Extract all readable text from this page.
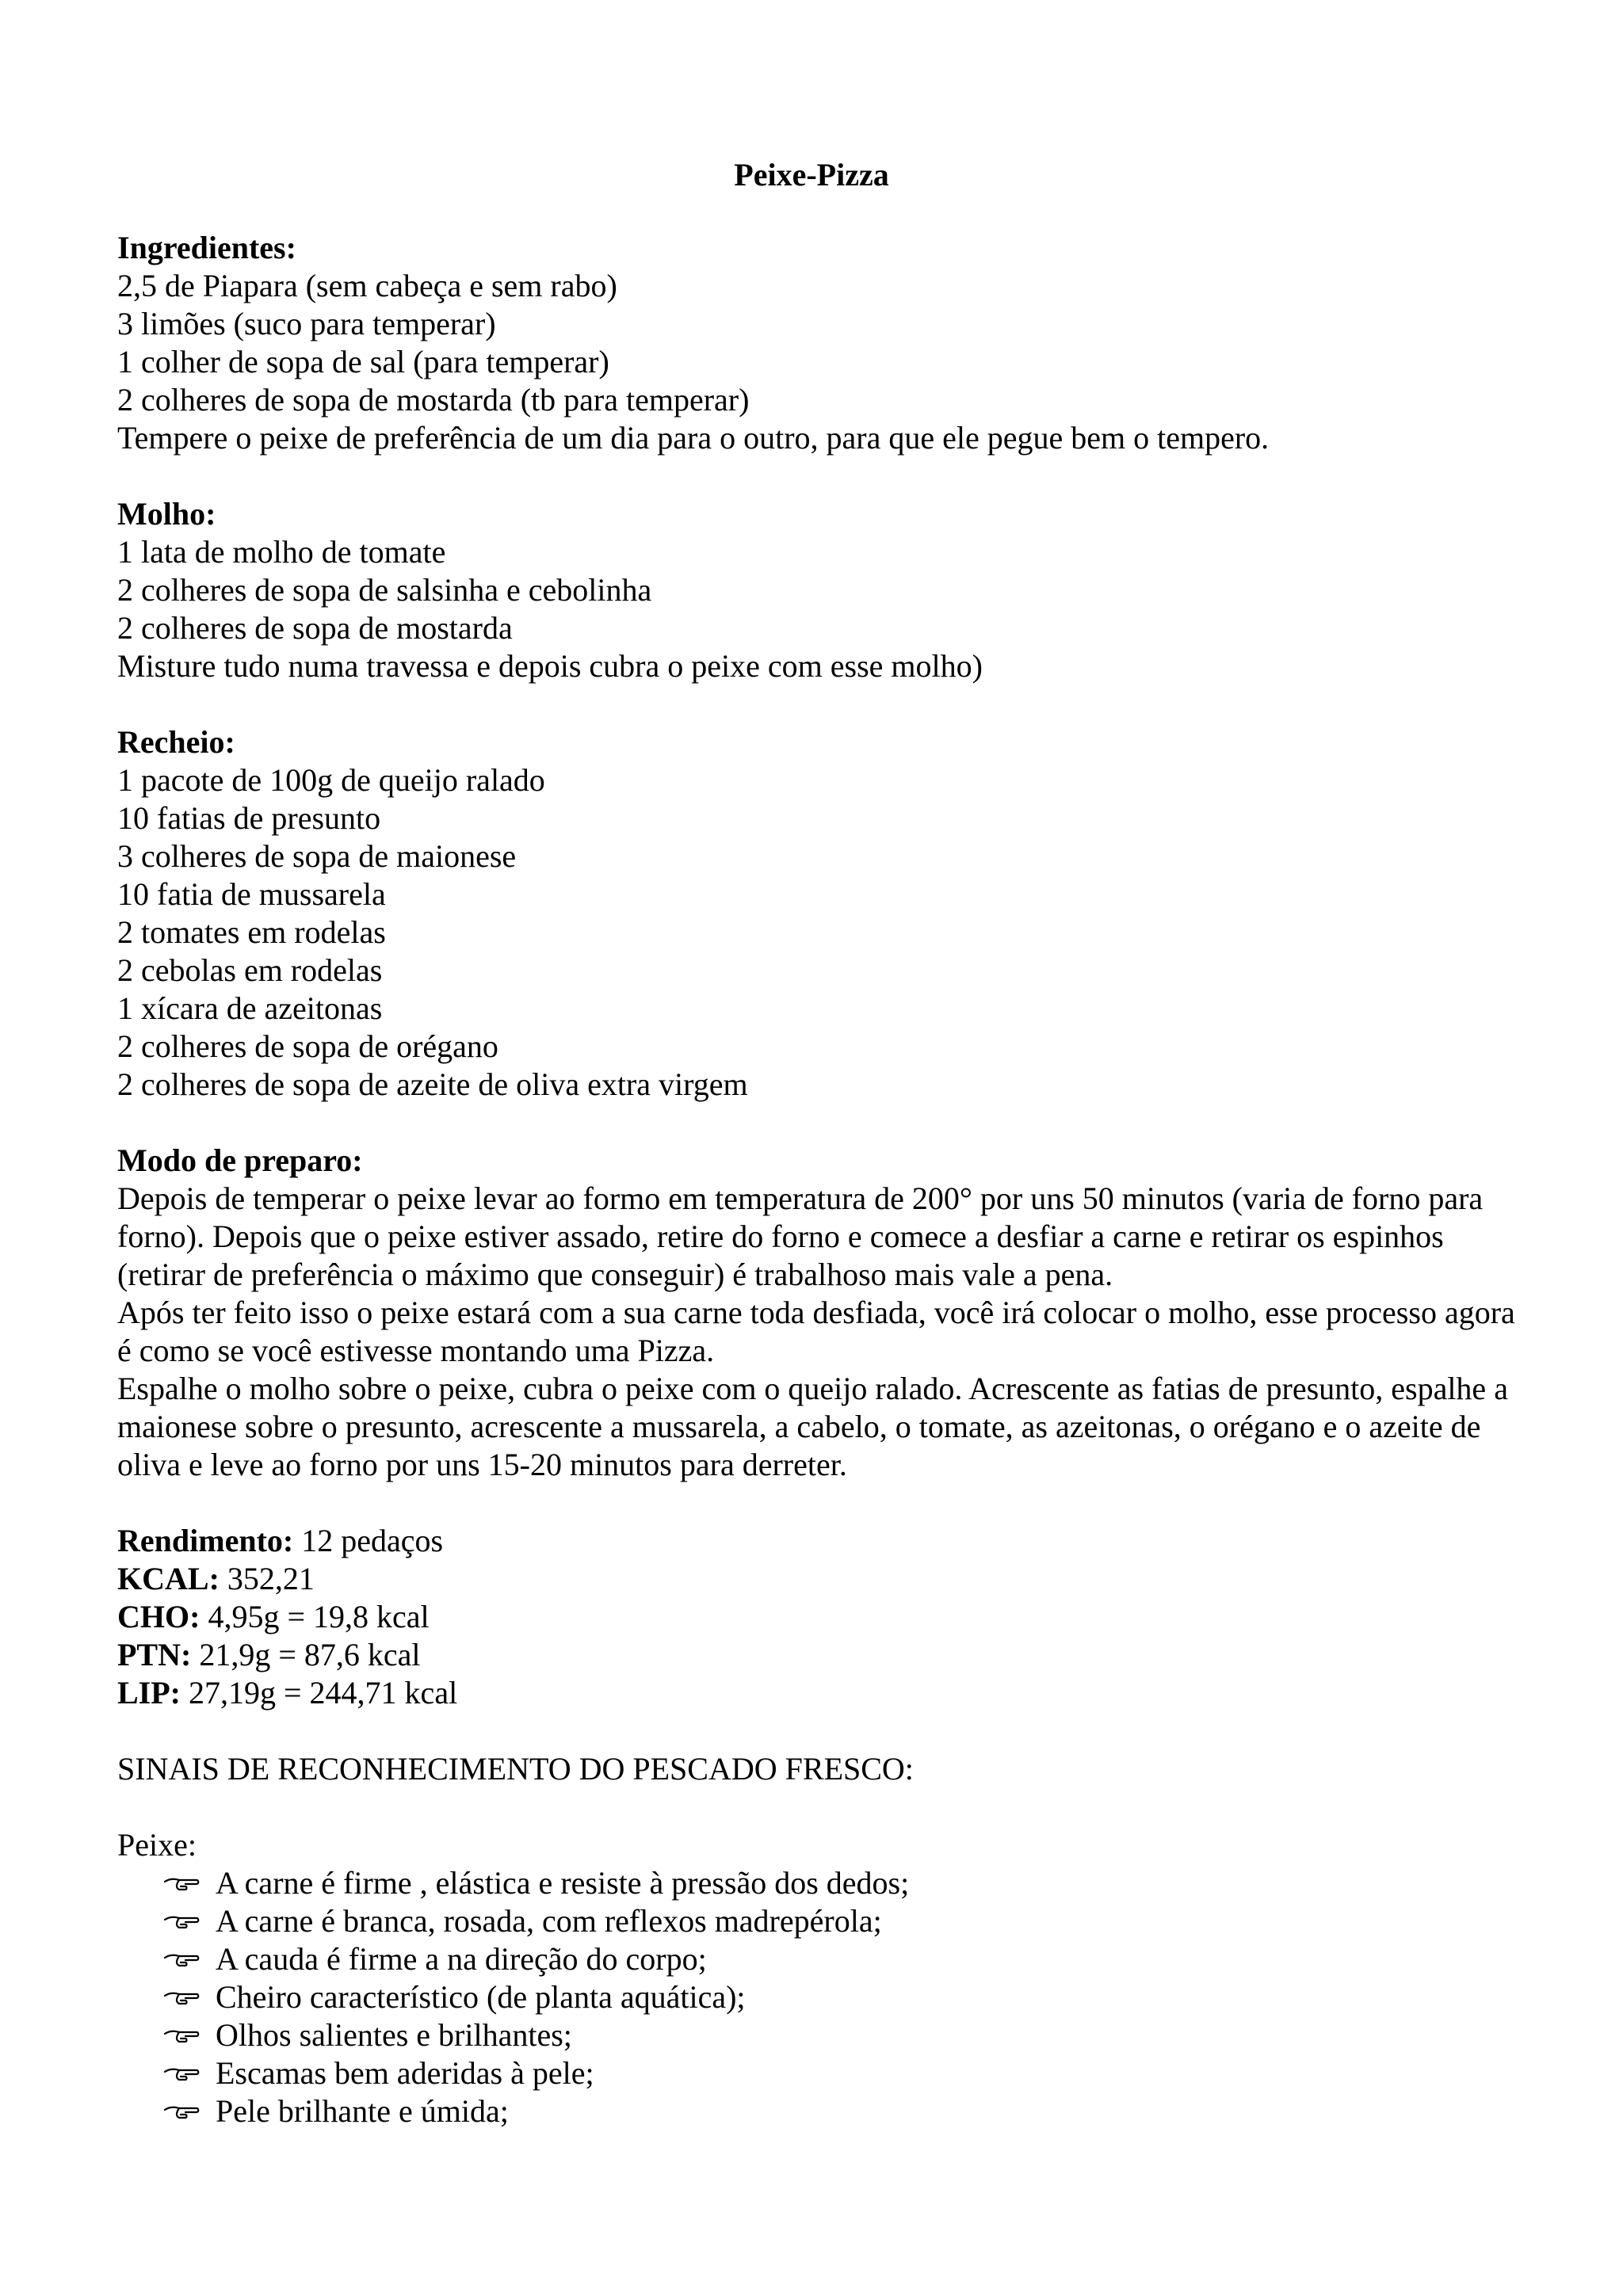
Peixe-Pizza

Ingredientes:

2,5 de Piapara (sem cabeça e sem rabo)

3 limões (suco para temperar)

1 colher de sopa de sal (para temperar)

2 colheres de sopa de mostarda (tb para temperar)

Tempere o peixe de preferência de um dia para o outro, para que ele pegue bem o tempero.

Molho:

1 lata de molho de tomate

2 colheres de sopa de salsinha e cebolinha

2 colheres de sopa de mostarda

Misture tudo numa travessa e depois cubra o peixe com esse molho)

Recheio:

1 pacote de 100g de queijo ralado

10 fatias de presunto

3 colheres de sopa de maionese

10 fatia de mussarela

2 tomates em rodelas

2 cebolas em rodelas

1 xícara de azeitonas

2 colheres de sopa de orégano

2 colheres de sopa de azeite de oliva extra virgem

Modo de preparo:

Depois de temperar o peixe levar ao formo em temperatura de 200° por uns 50 minutos (varia de forno para forno). Depois que o peixe estiver assado, retire do forno e comece a desfiar a carne e retirar os espinhos (retirar de preferência o máximo que conseguir) é trabalhoso mais vale a pena.

Após ter feito isso o peixe estará com a sua carne toda desfiada, você irá colocar o molho, esse processo agora é como se você estivesse montando uma Pizza.

Espalhe o molho sobre o peixe, cubra o peixe com o queijo ralado. Acrescente as fatias de presunto, espalhe a maionese sobre o presunto, acrescente a mussarela, a cabelo, o tomate, as azeitonas, o orégano e o azeite de oliva e leve ao forno por uns 15-20 minutos para derreter.

Rendimento: 12 pedaços

KCAL: 352,21

CHO: 4,95g = 19,8 kcal

PTN: 21,9g = 87,6 kcal

LIP: 27,19g = 244,71 kcal

SINAIS DE RECONHECIMENTO DO PESCADO FRESCO:

Peixe:

A carne é firme , elástica e resiste à pressão dos dedos;
A carne é branca, rosada, com reflexos madrepérola;
A cauda é firme a na direção do corpo;
Cheiro característico (de planta aquática);
Olhos salientes e brilhantes;
Escamas bem aderidas à pele;
Pele brilhante e úmida;
